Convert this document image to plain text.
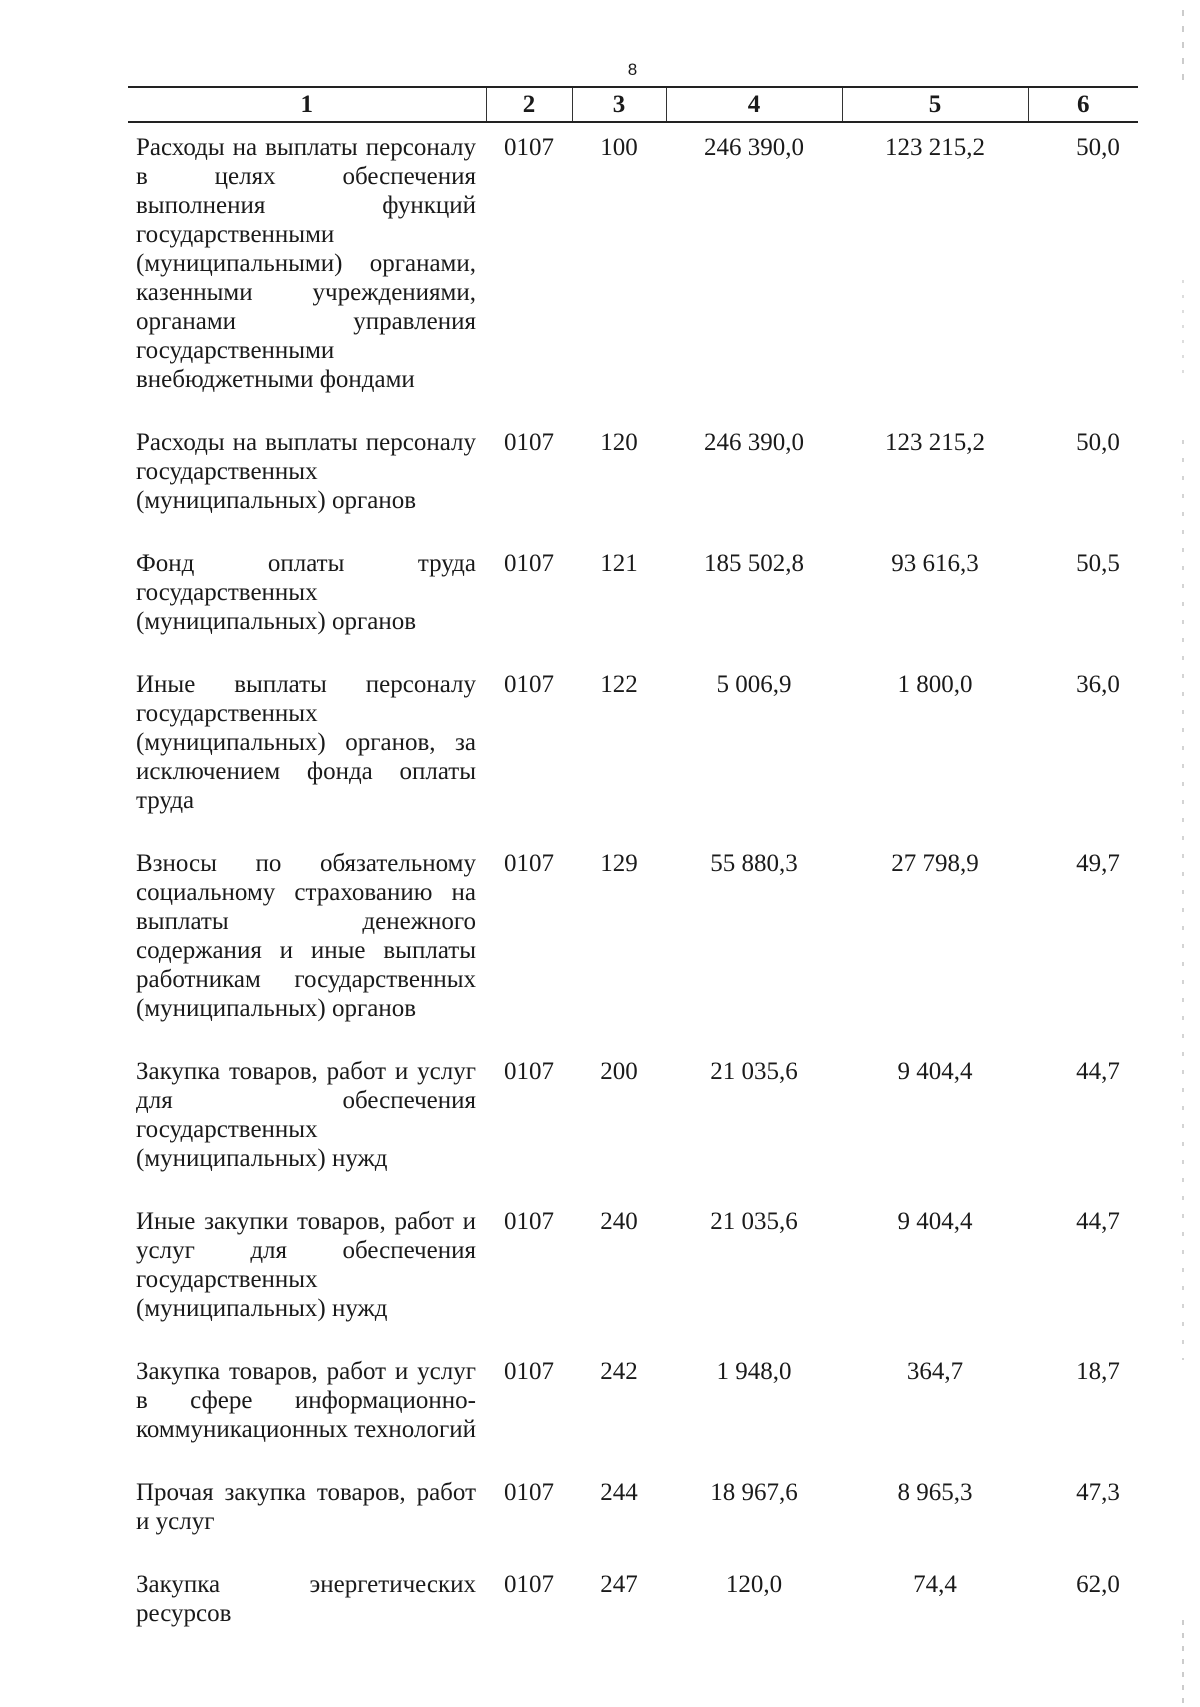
8
1	2	3	4	5	6
Расходы на выплаты персоналу в целях обеспечения выполнения функций государственными (муниципальными) органами, казенными учреждениями, органами управления государственными внебюджетными фондами	0107	100	246 390,0	123 215,2	50,0
Расходы на выплаты персоналу государственных (муниципальных) органов	0107	120	246 390,0	123 215,2	50,0
Фонд оплаты труда государственных (муниципальных) органов	0107	121	185 502,8	93 616,3	50,5
Иные выплаты персоналу государственных (муниципальных) органов, за исключением фонда оплаты труда	0107	122	5 006,9	1 800,0	36,0
Взносы по обязательному социальному страхованию на выплаты денежного содержания и иные выплаты работникам государственных (муниципальных) органов	0107	129	55 880,3	27 798,9	49,7
Закупка товаров, работ и услуг для обеспечения государственных (муниципальных) нужд	0107	200	21 035,6	9 404,4	44,7
Иные закупки товаров, работ и услуг для обеспечения государственных (муниципальных) нужд	0107	240	21 035,6	9 404,4	44,7
Закупка товаров, работ и услуг в сфере информационно-коммуникационных технологий	0107	242	1 948,0	364,7	18,7
Прочая закупка товаров, работ и услуг	0107	244	18 967,6	8 965,3	47,3
Закупка энергетических ресурсов	0107	247	120,0	74,4	62,0
